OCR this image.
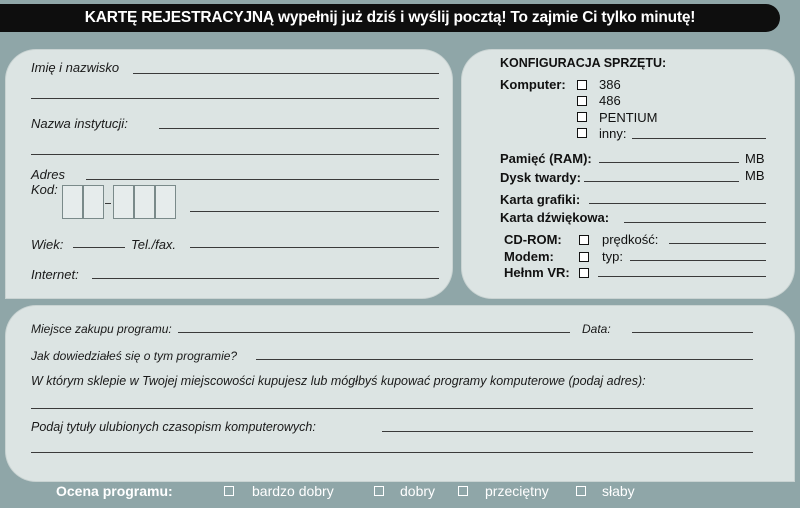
KARTĘ REJESTRACYJNĄ wypełnij już dziś i wyślij pocztą! To zajmie Ci tylko minutę!
Imię i nazwisko
Nazwa instytucji:
Adres
Kod:
Wiek:	Tel./fax.
Internet:
KONFIGURACJA SPRZĘTU:
Komputer:	386
486
PENTIUM
inny:
Pamięć (RAM):	MB
Dysk twardy:	MB
Karta grafiki:
Karta dźwiękowa:
CD-ROM:	prędkość:
Modem:	typ:
Hełnm VR:
Miejsce zakupu programu:	Data:
Jak dowiedziałeś się o tym programie?
W którym sklepie w Twojej miejscowości kupujesz lub mógłbyś kupować programy komputerowe (podaj adres):
Podaj tytuły ulubionych czasopism komputerowych:
Ocena programu:	bardzo dobry	dobry	przeciętny	słaby
